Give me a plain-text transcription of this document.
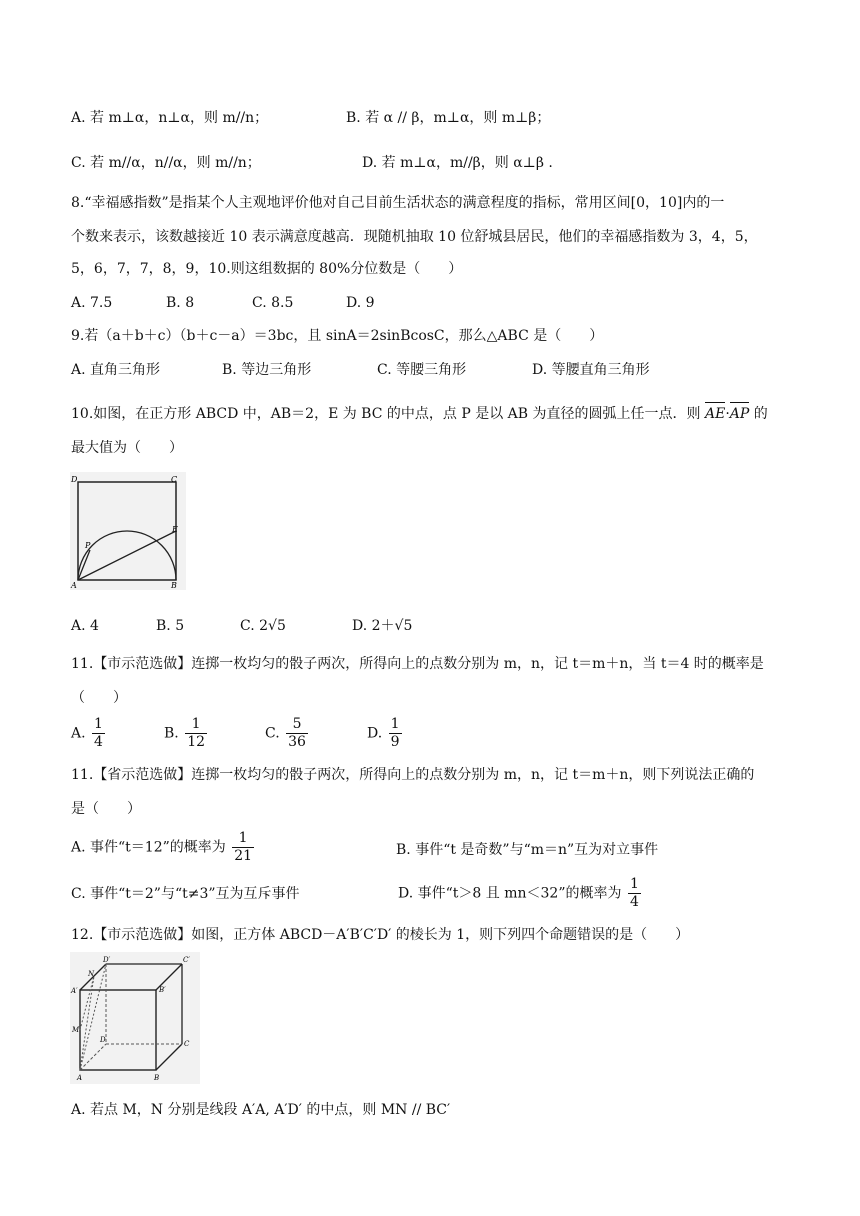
A. 若 m⊥α，n⊥α，则 m//n；	B. 若 α // β，m⊥α，则 m⊥β；
C. 若 m//α，n//α，则 m//n；	D. 若 m⊥α，m//β，则 α⊥β .
8.“幸福感指数”是指某个人主观地评价他对自己目前生活状态的满意程度的指标，常用区间[0，10]内的一
个数来表示，该数越接近 10 表示满意度越高．现随机抽取 10 位舒城县居民，他们的幸福感指数为 3，4，5，
5，6，7，7，8，9，10.则这组数据的 80%分位数是（　　）
A. 7.5	B. 8	C. 8.5	D. 9
9.若（a＋b＋c）（b＋c－a）＝3bc，且 sinA＝2sinBcosC，那么△ABC 是（　　）
A. 直角三角形	B. 等边三角形	C. 等腰三角形	D. 等腰直角三角形
10.如图，在正方形 ABCD 中，AB＝2，E 为 BC 的中点，点 P 是以 AB 为直径的圆弧上任一点．则 AE·AP 的
最大值为（　　）
D	C
E
P
A	B
A. 4	B. 5	C. 2√5	D. 2＋√5
11.【市示范选做】连掷一枚均匀的骰子两次，所得向上的点数分别为 m，n，记 t＝m＋n，当 t＝4 时的概率是
（　　）
A. $\frac{1}{4}$	B. $\frac{1}{12}$	C. $\frac{5}{36}$	D. $\frac{1}{9}$
11.【省示范选做】连掷一枚均匀的骰子两次，所得向上的点数分别为 m，n，记 t＝m＋n，则下列说法正确的
是（　　）
A. 事件“t＝12”的概率为 $\frac{1}{21}$	B. 事件“t 是奇数”与“m＝n”互为对立事件
C. 事件“t＝2”与“t≠3”互为互斥事件	D. 事件“t＞8 且 mn＜32”的概率为 $\frac{1}{4}$
12.【市示范选做】如图，正方体 ABCD－A′B′C′D′ 的棱长为 1，则下列四个命题错误的是（　　）
D′	C′
N
A′	B′
M
D	C
A	B
A. 若点 M，N 分别是线段 A′A, A′D′ 的中点，则 MN // BC′
